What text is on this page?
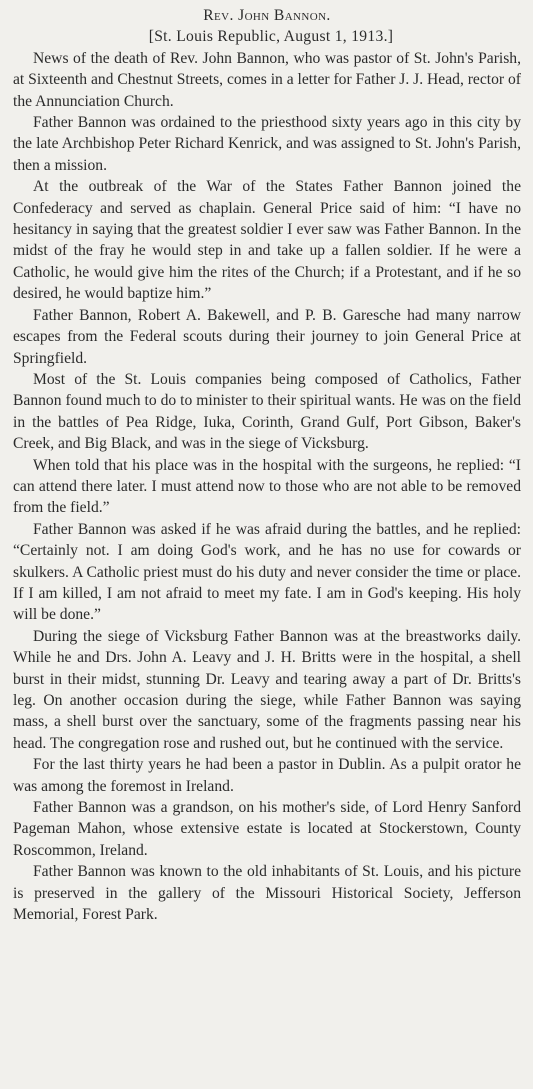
Rev. John Bannon.
[St. Louis Republic, August 1, 1913.]

News of the death of Rev. John Bannon, who was pastor of St. John's Parish, at Sixteenth and Chestnut Streets, comes in a letter for Father J. J. Head, rector of the Annunciation Church.

Father Bannon was ordained to the priesthood sixty years ago in this city by the late Archbishop Peter Richard Kenrick, and was assigned to St. John's Parish, then a mission.

At the outbreak of the War of the States Father Bannon joined the Confederacy and served as chaplain. General Price said of him: “I have no hesitancy in saying that the greatest soldier I ever saw was Father Bannon. In the midst of the fray he would step in and take up a fallen soldier. If he were a Catholic, he would give him the rites of the Church; if a Protestant, and if he so desired, he would baptize him.”

Father Bannon, Robert A. Bakewell, and P. B. Garesche had many narrow escapes from the Federal scouts during their journey to join General Price at Springfield.

Most of the St. Louis companies being composed of Catholics, Father Bannon found much to do to minister to their spiritual wants. He was on the field in the battles of Pea Ridge, Iuka, Corinth, Grand Gulf, Port Gibson, Baker's Creek, and Big Black, and was in the siege of Vicksburg.

When told that his place was in the hospital with the surgeons, he replied: “I can attend there later. I must attend now to those who are not able to be removed from the field.”

Father Bannon was asked if he was afraid during the battles, and he replied: “Certainly not. I am doing God's work, and he has no use for cowards or skulkers. A Catholic priest must do his duty and never consider the time or place. If I am killed, I am not afraid to meet my fate. I am in God's keeping. His holy will be done.”

During the siege of Vicksburg Father Bannon was at the breastworks daily. While he and Drs. John A. Leavy and J. H. Britts were in the hospital, a shell burst in their midst, stunning Dr. Leavy and tearing away a part of Dr. Britts's leg. On another occasion during the siege, while Father Bannon was saying mass, a shell burst over the sanctuary, some of the fragments passing near his head. The congregation rose and rushed out, but he continued with the service.

For the last thirty years he had been a pastor in Dublin. As a pulpit orator he was among the foremost in Ireland.

Father Bannon was a grandson, on his mother's side, of Lord Henry Sanford Pageman Mahon, whose extensive estate is located at Stockerstown, County Roscommon, Ireland.

Father Bannon was known to the old inhabitants of St. Louis, and his picture is preserved in the gallery of the Missouri Historical Society, Jefferson Memorial, Forest Park.
